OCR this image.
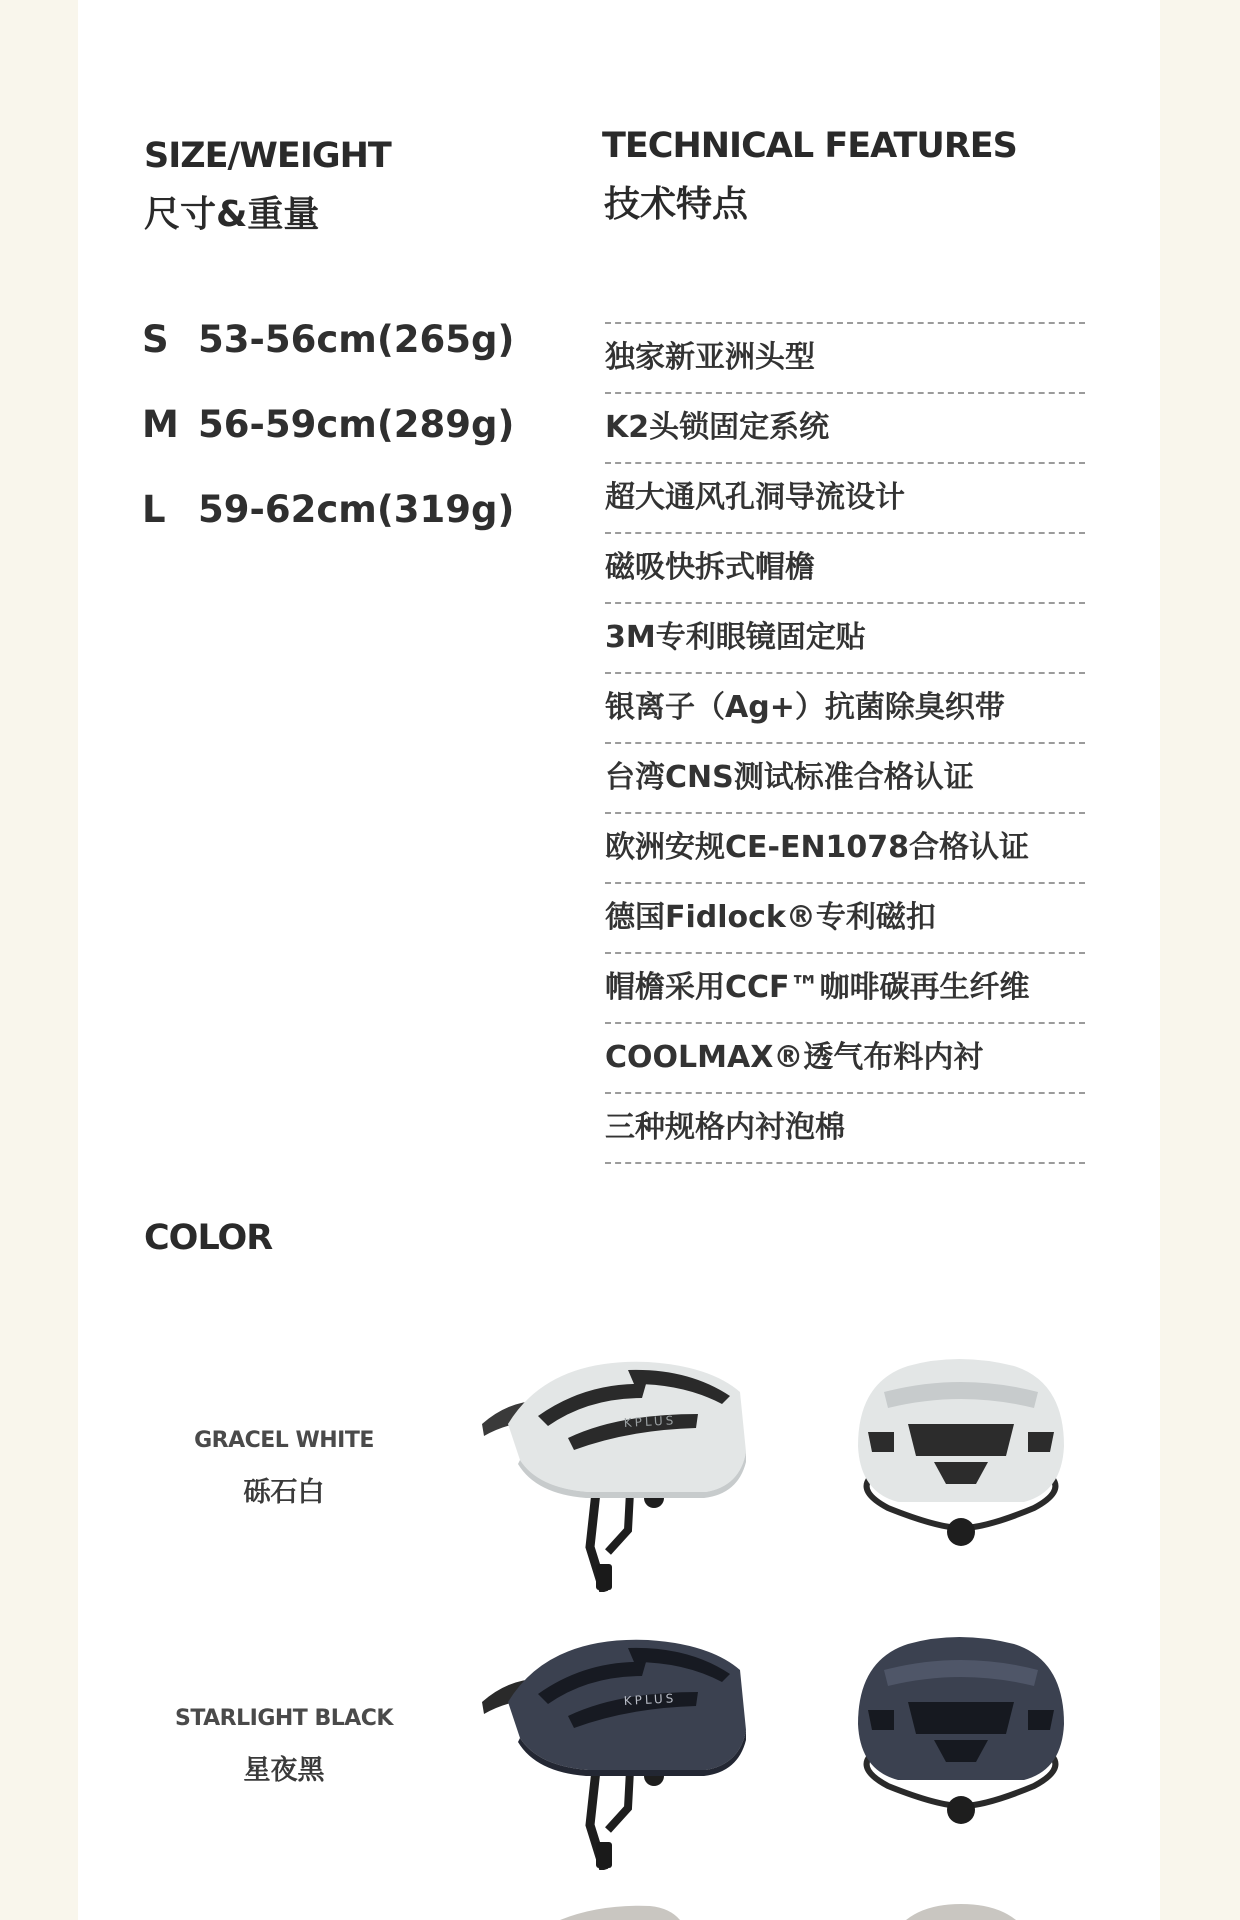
SIZE/WEIGHT
尺寸&重量
TECHNICAL FEATURES
技术特点
S 53-56cm(265g)
M 56-59cm(289g)
L 59-62cm(319g)
独家新亚洲头型
K2头锁固定系统
超大通风孔洞导流设计
磁吸快拆式帽檐
3M专利眼镜固定贴
银离子（Ag+）抗菌除臭织带
台湾CNS测试标准合格认证
欧洲安规CE-EN1078合格认证
德国Fidlock®专利磁扣
帽檐采用CCF™咖啡碳再生纤维
COOLMAX®透气布料内衬
三种规格内衬泡棉
COLOR
GRACEL WHITE
砾石白
KPLUS
STARLIGHT BLACK
星夜黑
KPLUS
